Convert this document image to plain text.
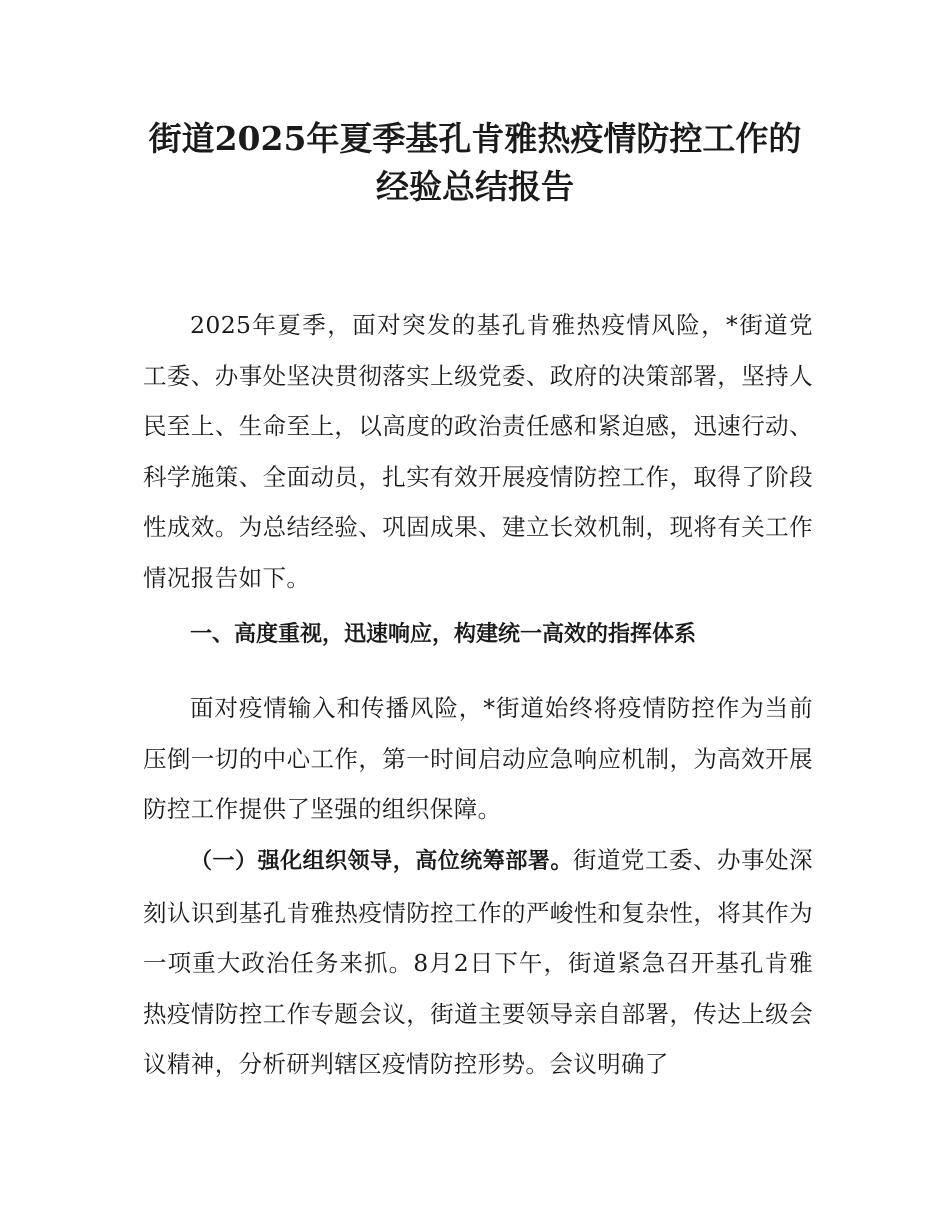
街道2025年夏季基孔肯雅热疫情防控工作的
经验总结报告

2025年夏季，面对突发的基孔肯雅热疫情风险，*街道党工委、办事处坚决贯彻落实上级党委、政府的决策部署，坚持人民至上、生命至上，以高度的政治责任感和紧迫感，迅速行动、科学施策、全面动员，扎实有效开展疫情防控工作，取得了阶段性成效。为总结经验、巩固成果、建立长效机制，现将有关工作情况报告如下。

一、高度重视，迅速响应，构建统一高效的指挥体系

面对疫情输入和传播风险，*街道始终将疫情防控作为当前压倒一切的中心工作，第一时间启动应急响应机制，为高效开展防控工作提供了坚强的组织保障。

（一）强化组织领导，高位统筹部署。街道党工委、办事处深刻认识到基孔肯雅热疫情防控工作的严峻性和复杂性，将其作为一项重大政治任务来抓。8月2日下午，街道紧急召开基孔肯雅热疫情防控工作专题会议，街道主要领导亲自部署，传达上级会议精神，分析研判辖区疫情防控形势。会议明确了
